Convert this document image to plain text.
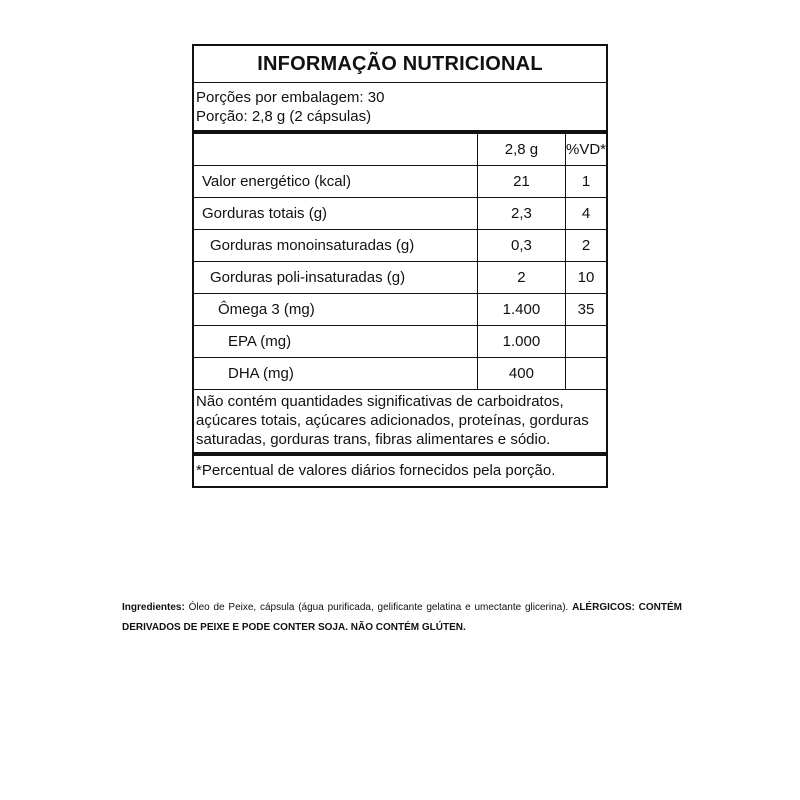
INFORMAÇÃO NUTRICIONAL
Porções por embalagem: 30
Porção: 2,8 g (2 cápsulas)
	2,8 g	%VD*
Valor energético (kcal)	21	1
Gorduras totais (g)	2,3	4
Gorduras monoinsaturadas (g)	0,3	2
Gorduras poli-insaturadas (g)	2	10
Ômega 3 (mg)	1.400	35
EPA (mg)	1.000	
DHA (mg)	400	
Não contém quantidades significativas de carboidratos, açúcares totais, açúcares adicionados, proteínas, gorduras saturadas, gorduras trans, fibras alimentares e sódio.
*Percentual de valores diários fornecidos pela porção.
Ingredientes: Óleo de Peixe, cápsula (água purificada, gelificante gelatina e umectante glicerina). ALÉRGICOS: CONTÉM DERIVADOS DE PEIXE E PODE CONTER SOJA. NÃO CONTÉM GLÚTEN.
